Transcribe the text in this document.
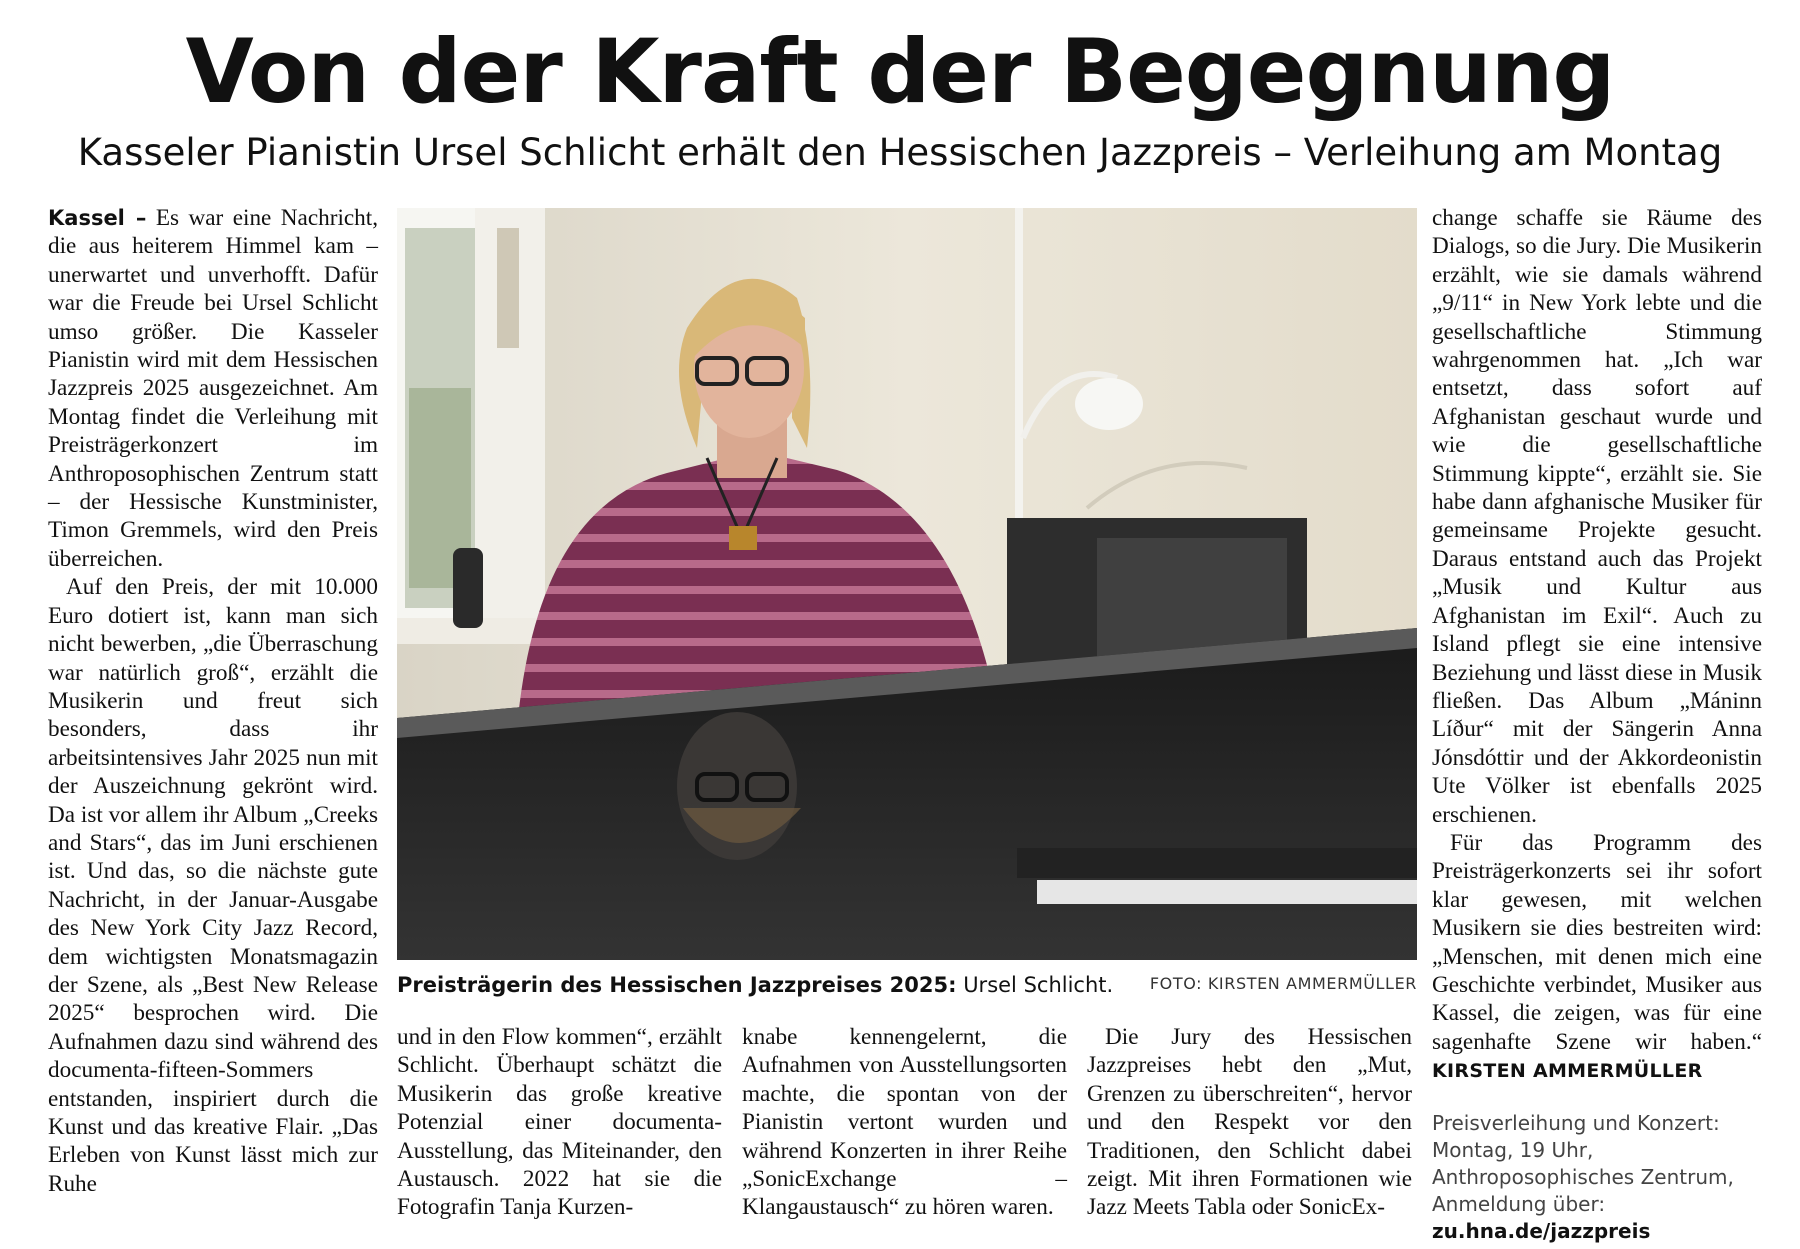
Von der Kraft der Begegnung
Kasseler Pianistin Ursel Schlicht erhält den Hessischen Jazzpreis – Verleihung am Montag

Kassel – Es war eine Nachricht, die aus heiterem Himmel kam – unerwartet und unverhofft. Dafür war die Freude bei Ursel Schlicht umso größer. Die Kasseler Pianistin wird mit dem Hessischen Jazzpreis 2025 ausgezeichnet. Am Montag findet die Verleihung mit Preisträgerkonzert im Anthroposophischen Zentrum statt – der Hessische Kunstminister, Timon Gremmels, wird den Preis überreichen.

Auf den Preis, der mit 10.000 Euro dotiert ist, kann man sich nicht bewerben, „die Überraschung war natürlich groß“, erzählt die Musikerin und freut sich besonders, dass ihr arbeitsintensives Jahr 2025 nun mit der Auszeichnung gekrönt wird. Da ist vor allem ihr Album „Creeks and Stars“, das im Juni erschienen ist. Und das, so die nächste gute Nachricht, in der Januar-Ausgabe des New York City Jazz Record, dem wichtigsten Monatsmagazin der Szene, als „Best New Release 2025“ besprochen wird. Die Aufnahmen dazu sind während des documenta-fifteen-Sommers entstanden, inspiriert durch die Kunst und das kreative Flair. „Das Erleben von Kunst lässt mich zur Ruhe

Preisträgerin des Hessischen Jazzpreises 2025: Ursel Schlicht. FOTO: KIRSTEN AMMERMÜLLER

und in den Flow kommen“, erzählt Schlicht. Überhaupt schätzt die Musikerin das große kreative Potenzial einer documenta-Ausstellung, das Miteinander, den Austausch. 2022 hat sie die Fotografin Tanja Kurzen-

knabe kennengelernt, die Aufnahmen von Ausstellungsorten machte, die spontan von der Pianistin vertont wurden und während Konzerten in ihrer Reihe „SonicExchange – Klangaustausch“ zu hören waren.

Die Jury des Hessischen Jazzpreises hebt den „Mut, Grenzen zu überschreiten“, hervor und den Respekt vor den Traditionen, den Schlicht dabei zeigt. Mit ihren Formationen wie Jazz Meets Tabla oder SonicEx-

change schaffe sie Räume des Dialogs, so die Jury. Die Musikerin erzählt, wie sie damals während „9/11“ in New York lebte und die gesellschaftliche Stimmung wahrgenommen hat. „Ich war entsetzt, dass sofort auf Afghanistan geschaut wurde und wie die gesellschaftliche Stimmung kippte“, erzählt sie. Sie habe dann afghanische Musiker für gemeinsame Projekte gesucht. Daraus entstand auch das Projekt „Musik und Kultur aus Afghanistan im Exil“. Auch zu Island pflegt sie eine intensive Beziehung und lässt diese in Musik fließen. Das Album „Máninn Líður“ mit der Sängerin Anna Jónsdóttir und der Akkordeonistin Ute Völker ist ebenfalls 2025 erschienen.

Für das Programm des Preisträgerkonzerts sei ihr sofort klar gewesen, mit welchen Musikern sie dies bestreiten wird: „Menschen, mit denen mich eine Geschichte verbindet, Musiker aus Kassel, die zeigen, was für eine sagenhafte Szene wir haben.“ KIRSTEN AMMERMÜLLER

Preisverleihung und Konzert: Montag, 19 Uhr, Anthroposophisches Zentrum, Anmeldung über:
zu.hna.de/jazzpreis
